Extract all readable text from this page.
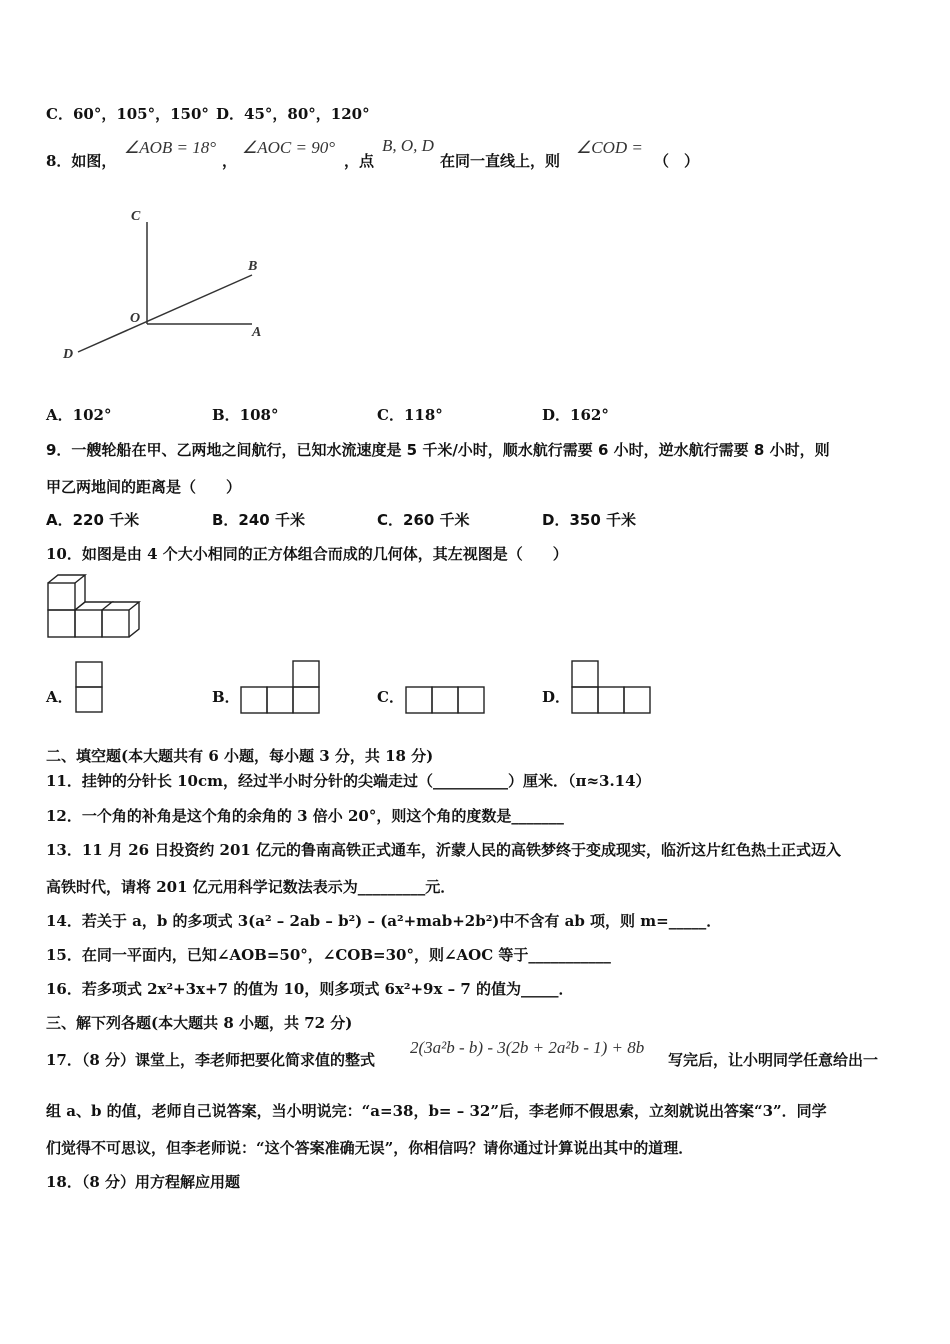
C．60°，105°，150° D．45°，80°，120°
8．如图，
∠AOB = 18°
，
∠AOC = 90°
，点
B, O, D
在同一直线上，则
∠COD =
（　）
C
B
O
A
D
A．102°	B．108°	C．118°	D．162°
9．一艘轮船在甲、乙两地之间航行，已知水流速度是 5 千米/小时，顺水航行需要 6 小时，逆水航行需要 8 小时，则
甲乙两地间的距离是（　　）
A．220 千米	B．240 千米	C．260 千米	D．350 千米
10．如图是由 4 个大小相同的正方体组合而成的几何体，其左视图是（　　）
A．	B．	C．	D．
二、填空题(本大题共有 6 小题，每小题 3 分，共 18 分)
11．挂钟的分针长 10cm，经过半小时分针的尖端走过（__________）厘米．（π≈3.14）
12．一个角的补角是这个角的余角的 3 倍小 20°，则这个角的度数是_______
13．11 月 26 日投资约 201 亿元的鲁南高铁正式通车，沂蒙人民的高铁梦终于变成现实，临沂这片红色热土正式迈入
高铁时代，请将 201 亿元用科学记数法表示为_________元．
14．若关于 a，b 的多项式 3(a² – 2ab – b²) – (a²+mab+2b²)中不含有 ab 项，则 m=_____．
15．在同一平面内，已知∠AOB=50°，∠COB=30°，则∠AOC 等于___________
16．若多项式 2x²+3x+7 的值为 10，则多项式 6x²+9x – 7 的值为_____．
三、解下列各题(本大题共 8 小题，共 72 分)
17．（8 分）课堂上，李老师把要化简求值的整式
2(3a²b - b) - 3(2b + 2a²b - 1) + 8b
写完后，让小明同学任意给出一
组 a、b 的值，老师自己说答案，当小明说完：“a=38，b= – 32”后，李老师不假思索，立刻就说出答案“3”．同学
们觉得不可思议，但李老师说：“这个答案准确无误”，你相信吗？请你通过计算说出其中的道理．
18．（8 分）用方程解应用题
